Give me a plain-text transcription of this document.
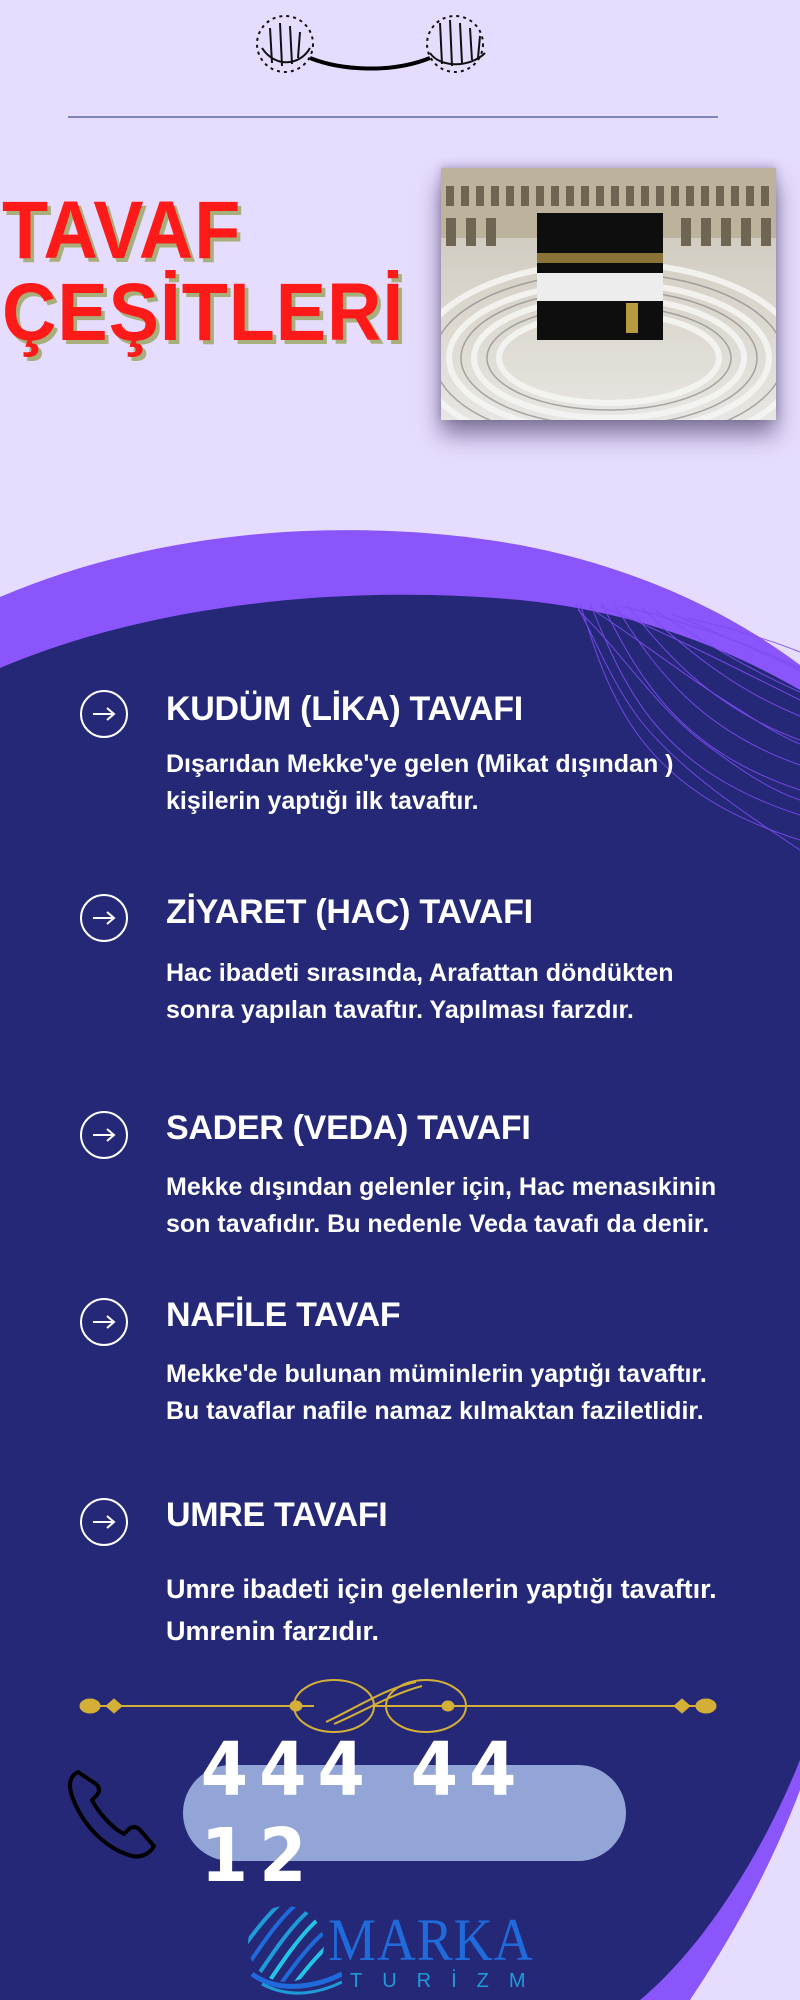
TAVAF
ÇEŞİTLERİ
KUDÜM (LİKA) TAVAFI
Dışarıdan Mekke'ye gelen (Mikat dışından ) kişilerin yaptığı ilk tavaftır.
ZİYARET (HAC) TAVAFI
Hac ibadeti sırasında, Arafattan döndükten sonra yapılan tavaftır. Yapılması farzdır.
SADER (VEDA) TAVAFI
Mekke dışından gelenler için, Hac menasıkinin son tavafıdır. Bu nedenle Veda tavafı da denir.
NAFİLE TAVAF
Mekke'de bulunan müminlerin yaptığı tavaftır. Bu tavaflar nafile namaz kılmaktan faziletlidir.
UMRE TAVAFI
Umre ibadeti için gelenlerin yaptığı tavaftır. Umrenin farzıdır.
444 44 12
MARKA
TURİZM
